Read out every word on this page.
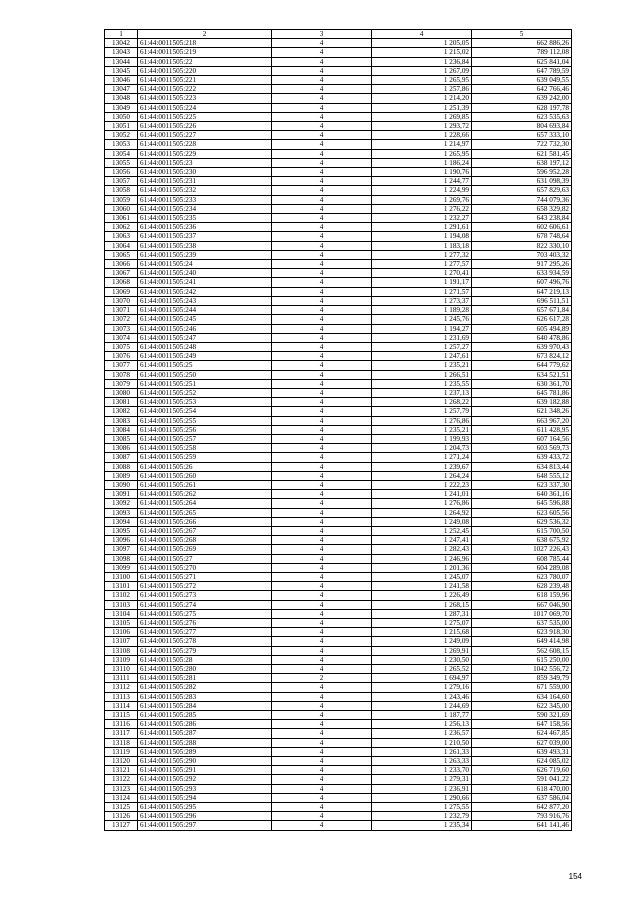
1	2	3	4	5
13042	61:44:0011505:218	4	1 205,05	662 886,26
13043	61:44:0011505:219	4	1 215,02	789 112,08
13044	61:44:0011505:22	4	1 236,84	625 841,04
13045	61:44:0011505:220	4	1 267,09	647 789,59
13046	61:44:0011505:221	4	1 265,95	639 049,55
13047	61:44:0011505:222	4	1 257,86	642 766,46
13048	61:44:0011505:223	4	1 214,20	639 242,00
13049	61:44:0011505:224	4	1 251,39	628 197,78
13050	61:44:0011505:225	4	1 269,85	623 535,63
13051	61:44:0011505:226	4	1 293,72	804 693,84
13052	61:44:0011505:227	4	1 228,66	657 333,10
13053	61:44:0011505:228	4	1 214,97	722 732,30
13054	61:44:0011505:229	4	1 265,95	621 581,45
13055	61:44:0011505:23	4	1 186,24	638 197,12
13056	61:44:0011505:230	4	1 190,76	596 952,28
13057	61:44:0011505:231	4	1 244,77	631 098,39
13058	61:44:0011505:232	4	1 224,99	657 829,63
13059	61:44:0011505:233	4	1 269,76	744 079,36
13060	61:44:0011505:234	4	1 276,22	658 329,82
13061	61:44:0011505:235	4	1 232,27	643 238,84
13062	61:44:0011505:236	4	1 291,61	602 606,61
13063	61:44:0011505:237	4	1 194,08	678 748,64
13064	61:44:0011505:238	4	1 183,18	822 330,10
13065	61:44:0011505:239	4	1 277,32	703 403,32
13066	61:44:0011505:24	4	1 277,57	917 295,26
13067	61:44:0011505:240	4	1 270,41	633 934,59
13068	61:44:0011505:241	4	1 191,17	607 496,76
13069	61:44:0011505:242	4	1 271,57	647 219,13
13070	61:44:0011505:243	4	1 273,37	696 511,51
13071	61:44:0011505:244	4	1 189,28	657 671,84
13072	61:44:0011505:245	4	1 245,76	626 617,28
13073	61:44:0011505:246	4	1 194,27	605 494,89
13074	61:44:0011505:247	4	1 231,69	640 478,86
13075	61:44:0011505:248	4	1 257,27	639 970,43
13076	61:44:0011505:249	4	1 247,61	673 824,12
13077	61:44:0011505:25	4	1 235,21	644 779,62
13078	61:44:0011505:250	4	1 266,51	634 521,51
13079	61:44:0011505:251	4	1 235,55	630 361,70
13080	61:44:0011505:252	4	1 237,13	645 781,86
13081	61:44:0011505:253	4	1 268,22	639 182,88
13082	61:44:0011505:254	4	1 257,79	621 348,26
13083	61:44:0011505:255	4	1 276,86	663 967,20
13084	61:44:0011505:256	4	1 235,21	611 428,95
13085	61:44:0011505:257	4	1 199,93	607 164,56
13086	61:44:0011505:258	4	1 204,73	603 569,73
13087	61:44:0011505:259	4	1 271,24	639 433,72
13088	61:44:0011505:26	4	1 239,67	634 813,44
13089	61:44:0011505:260	4	1 264,24	648 555,12
13090	61:44:0011505:261	4	1 222,23	623 337,30
13091	61:44:0011505:262	4	1 241,01	640 361,16
13092	61:44:0011505:264	4	1 276,86	645 596,88
13093	61:44:0011505:265	4	1 264,92	623 605,56
13094	61:44:0011505:266	4	1 249,08	629 536,32
13095	61:44:0011505:267	4	1 252,45	615 700,50
13096	61:44:0011505:268	4	1 247,41	638 675,92
13097	61:44:0011505:269	4	1 282,43	1027 226,43
13098	61:44:0011505:27	4	1 246,96	608 785,44
13099	61:44:0011505:270	4	1 201,36	604 289,08
13100	61:44:0011505:271	4	1 245,07	623 780,07
13101	61:44:0011505:272	4	1 241,58	628 239,48
13102	61:44:0011505:273	4	1 226,49	618 159,96
13103	61:44:0011505:274	4	1 268,15	667 046,90
13104	61:44:0011505:275	4	1 287,31	1017 069,70
13105	61:44:0011505:276	4	1 275,07	637 535,00
13106	61:44:0011505:277	4	1 215,68	623 918,30
13107	61:44:0011505:278	4	1 249,09	649 414,98
13108	61:44:0011505:279	4	1 269,91	562 608,15
13109	61:44:0011505:28	4	1 230,50	615 250,00
13110	61:44:0011505:280	4	1 265,52	1042 556,72
13111	61:44:0011505:281	2	1 694,97	859 349,79
13112	61:44:0011505:282	4	1 279,16	671 559,00
13113	61:44:0011505:283	4	1 243,46	634 164,60
13114	61:44:0011505:284	4	1 244,69	622 345,00
13115	61:44:0011505:285	4	1 187,77	590 321,69
13116	61:44:0011505:286	4	1 256,13	647 158,56
13117	61:44:0011505:287	4	1 236,57	624 467,85
13118	61:44:0011505:288	4	1 210,50	627 039,00
13119	61:44:0011505:289	4	1 261,33	639 493,31
13120	61:44:0011505:290	4	1 263,33	624 085,02
13121	61:44:0011505:291	4	1 233,70	626 719,60
13122	61:44:0011505:292	4	1 279,31	591 041,22
13123	61:44:0011505:293	4	1 236,91	618 470,00
13124	61:44:0011505:294	4	1 290,66	637 586,04
13125	61:44:0011505:295	4	1 275,55	642 877,20
13126	61:44:0011505:296	4	1 232,79	793 916,76
13127	61:44:0011505:297	4	1 235,34	641 141,46
154
